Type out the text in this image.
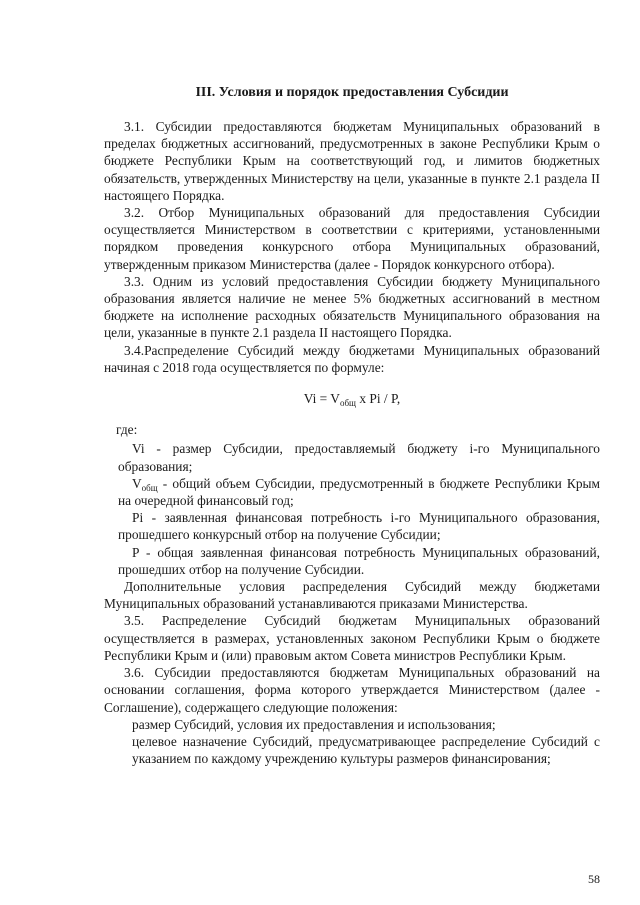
III. Условия и порядок предоставления Субсидии

3.1. Субсидии предоставляются бюджетам Муниципальных образований в пределах бюджетных ассигнований, предусмотренных в законе Республики Крым о бюджете Республики Крым на соответствующий год, и лимитов бюджетных обязательств, утвержденных Министерству на цели, указанные в пункте 2.1 раздела II настоящего Порядка.

3.2. Отбор Муниципальных образований для предоставления Субсидии осуществляется Министерством в соответствии с критериями, установленными порядком проведения конкурсного отбора Муниципальных образований, утвержденным приказом Министерства (далее - Порядок конкурсного отбора).

3.3. Одним из условий предоставления Субсидии бюджету Муниципального образования является наличие не менее 5% бюджетных ассигнований в местном бюджете на исполнение расходных обязательств Муниципального образования на цели, указанные в пункте 2.1 раздела II настоящего Порядка.

3.4.Распределение Субсидий между бюджетами Муниципальных образований начиная с 2018 года осуществляется по формуле:

$Vi = V_{общ}$ x Pi / P,

где:

Vi - размер Субсидии, предоставляемый бюджету i-го Муниципального образования;

$V_{общ}$ - общий объем Субсидии, предусмотренный в бюджете Республики Крым на очередной финансовый год;

Pi - заявленная финансовая потребность i-го Муниципального образования, прошедшего конкурсный отбор на получение Субсидии;

P - общая заявленная финансовая потребность Муниципальных образований, прошедших отбор на получение Субсидии.

Дополнительные условия распределения Субсидий между бюджетами Муниципальных образований устанавливаются приказами Министерства.

3.5. Распределение Субсидий бюджетам Муниципальных образований осуществляется в размерах, установленных законом Республики Крым о бюджете Республики Крым и (или) правовым актом Совета министров Республики Крым.

3.6. Субсидии предоставляются бюджетам Муниципальных образований на основании соглашения, форма которого утверждается Министерством (далее - Соглашение), содержащего следующие положения:

размер Субсидий, условия их предоставления и использования;

целевое назначение Субсидий, предусматривающее распределение Субсидий с указанием по каждому учреждению культуры размеров финансирования;

58
